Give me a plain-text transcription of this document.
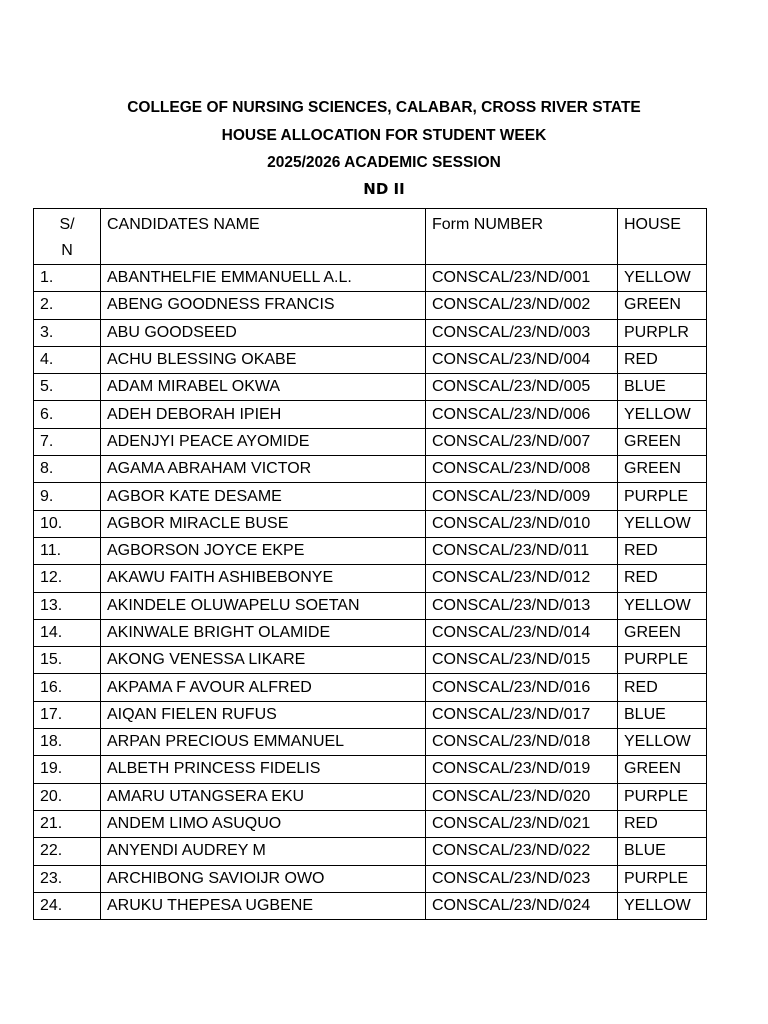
COLLEGE OF NURSING SCIENCES, CALABAR, CROSS RIVER STATE
HOUSE ALLOCATION FOR STUDENT WEEK
2025/2026 ACADEMIC SESSION
ND II
S/
N	CANDIDATES NAME	Form NUMBER	HOUSE
1.	ABANTHELFIE EMMANUELL A.L.	CONSCAL/23/ND/001	YELLOW
2.	ABENG GOODNESS FRANCIS	CONSCAL/23/ND/002	GREEN
3.	ABU GOODSEED	CONSCAL/23/ND/003	PURPLR
4.	ACHU BLESSING OKABE	CONSCAL/23/ND/004	RED
5.	ADAM MIRABEL OKWA	CONSCAL/23/ND/005	BLUE
6.	ADEH DEBORAH IPIEH	CONSCAL/23/ND/006	YELLOW
7.	ADENJYI PEACE AYOMIDE	CONSCAL/23/ND/007	GREEN
8.	AGAMA ABRAHAM VICTOR	CONSCAL/23/ND/008	GREEN
9.	AGBOR KATE DESAME	CONSCAL/23/ND/009	PURPLE
10.	AGBOR MIRACLE BUSE	CONSCAL/23/ND/010	YELLOW
11.	AGBORSON JOYCE EKPE	CONSCAL/23/ND/011	RED
12.	AKAWU FAITH ASHIBEBONYE	CONSCAL/23/ND/012	RED
13.	AKINDELE OLUWAPELU SOETAN	CONSCAL/23/ND/013	YELLOW
14.	AKINWALE BRIGHT OLAMIDE	CONSCAL/23/ND/014	GREEN
15.	AKONG VENESSA LIKARE	CONSCAL/23/ND/015	PURPLE
16.	AKPAMA F AVOUR ALFRED	CONSCAL/23/ND/016	RED
17.	AIQAN FIELEN RUFUS	CONSCAL/23/ND/017	BLUE
18.	ARPAN PRECIOUS EMMANUEL	CONSCAL/23/ND/018	YELLOW
19.	ALBETH PRINCESS FIDELIS	CONSCAL/23/ND/019	GREEN
20.	AMARU UTANGSERA EKU	CONSCAL/23/ND/020	PURPLE
21.	ANDEM LIMO ASUQUO	CONSCAL/23/ND/021	RED
22.	ANYENDI AUDREY M	CONSCAL/23/ND/022	BLUE
23.	ARCHIBONG SAVIOIJR OWO	CONSCAL/23/ND/023	PURPLE
24.	ARUKU THEPESA UGBENE	CONSCAL/23/ND/024	YELLOW
